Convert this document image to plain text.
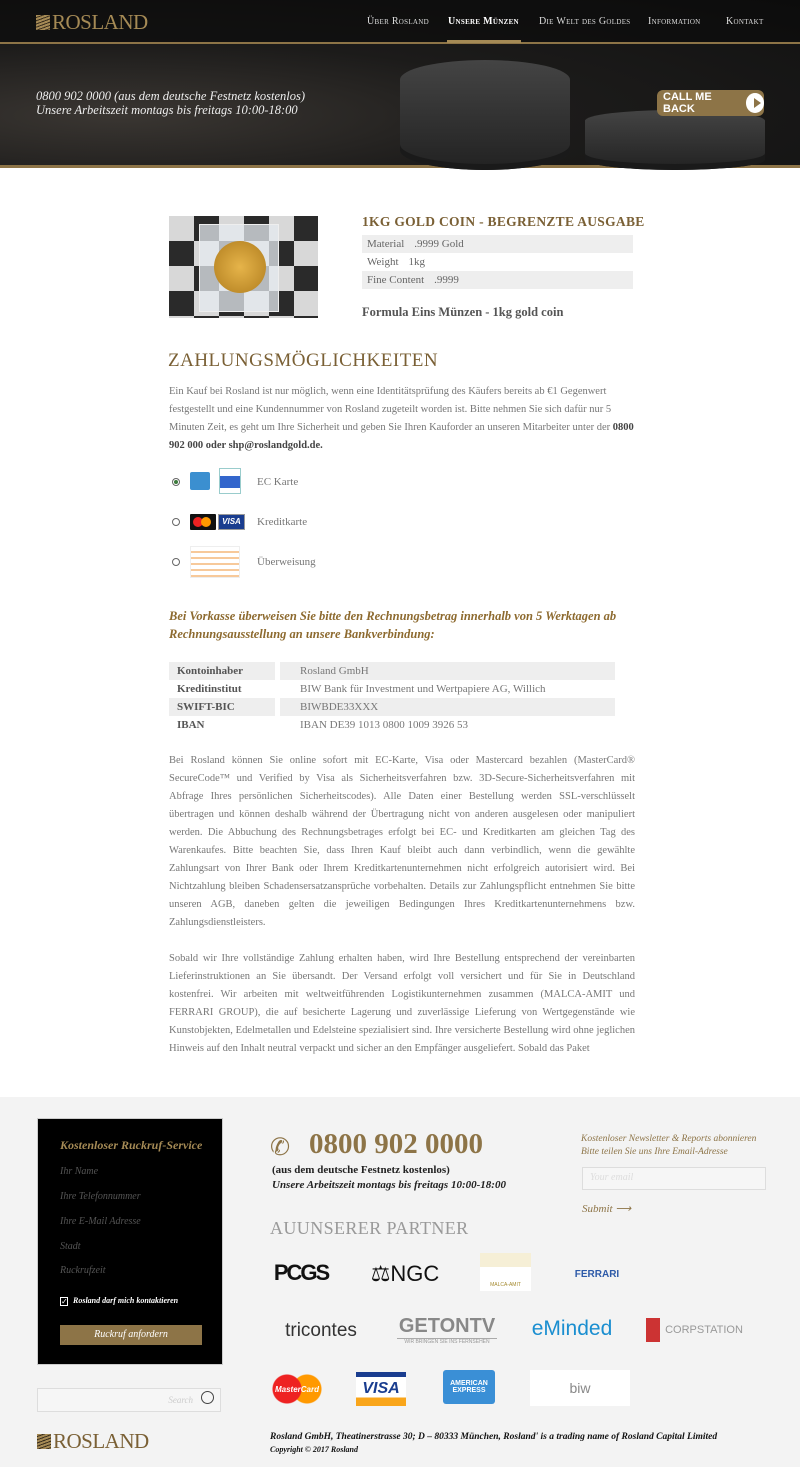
ROSLAND	Über Rosland Unsere Münzen Die Welt des Goldes Information	Kontakt
0800 902 0000 (aus dem deutsche Festnetz kostenlos)
Unsere Arbeitszeit montags bis freitags 10:00-18:00
CALL ME BACK
1KG GOLD COIN - BEGRENZTE AUSGABE
Material .9999 Gold
Weight 1kg
Fine Content .9999
Formula Eins Münzen - 1kg gold coin
ZAHLUNGSMÖGLICHKEITEN

Ein Kauf bei Rosland ist nur möglich, wenn eine Identitätsprüfung des Käufers bereits ab €1 Gegenwert festgestellt und eine Kundennummer von Rosland zugeteilt worden ist. Bitte nehmen Sie sich dafür nur 5 Minuten Zeit, es geht um Ihre Sicherheit und geben Sie Ihren Kauforder an unseren Mitarbeiter unter der 0800 902 000 oder shp@roslandgold.de.

EC Karte
VISA	Kreditkarte
Überweisung
Bei Vorkasse überweisen Sie bitte den Rechnungsbetrag innerhalb von 5 Werktagen ab Rechnungsausstellung an unsere Bankverbindung:
Kontoinhaber	Rosland GmbH
Kreditinstitut	BIW Bank für Investment und Wertpapiere AG, Willich
SWIFT-BIC	BIWBDE33XXX
IBAN	IBAN DE39 1013 0800 1009 3926 53

Bei Rosland können Sie online sofort mit EC-Karte, Visa oder Mastercard bezahlen (MasterCard® SecureCode™ und Verified by Visa als Sicherheitsverfahren bzw. 3D-Secure-Sicherheitsverfahren mit Abfrage Ihres persönlichen Sicherheitscodes). Alle Daten einer Bestellung werden SSL-verschlüsselt übertragen und können deshalb während der Übertragung nicht von anderen ausgelesen oder manipuliert werden. Die Abbuchung des Rechnungsbetrages erfolgt bei EC- und Kreditkarten am gleichen Tag des Warenkaufes. Bitte beachten Sie, dass Ihren Kauf bleibt auch dann verbindlich, wenn die gewählte Zahlungsart von Ihrer Bank oder Ihrem Kreditkartenunternehmen nicht erfolgreich autorisiert wird. Bei Nichtzahlung bleiben Schadensersatzansprüche vorbehalten. Details zur Zahlungspflicht entnehmen Sie bitte unseren AGB, daneben gelten die jeweiligen Bedingungen Ihres Kreditkartenunternehmens bzw. Zahlungsdienstleisters.

Sobald wir Ihre vollständige Zahlung erhalten haben, wird Ihre Bestellung entsprechend der vereinbarten Lieferinstruktionen an Sie übersandt. Der Versand erfolgt voll versichert und für Sie in Deutschland kostenfrei. Wir arbeiten mit weltweitführenden Logistikunternehmen zusammen (MALCA-AMIT und FERRARI GROUP), die auf besicherte Lagerung und zuverlässige Lieferung von Wertgegenstände wie Kunstobjekten, Edelmetallen und Edelsteine spezialisiert sind. Ihre versicherte Bestellung wird ohne jeglichen Hinweis auf den Inhalt neutral verpackt und sicher an den Empfänger ausgeliefert. Sobald das Paket

Kostenloser Ruckruf-Service
Ihr Name
Ihre Telefonnummer
Ihre E-Mail Adresse
Stadt
Ruckrufzeit
✓ Rosland darf mich kontaktieren
Ruckruf anfordern
Search
ROSLAND
✆ 0800 902 0000
(aus dem deutsche Festnetz kostenlos)
Unsere Arbeitszeit montags bis freitags 10:00-18:00
Kostenloser Newsletter & Reports abonnieren
Bitte teilen Sie uns Ihre Email-Adresse
Your email
Submit ⟶
AUUNSERER PARTNER
PCGS ⚖ NGC	MALCA-AMIT
FERRARI
tricontes	GETONTV
WIR BRINGEN SIE INS FERNSEHEN
eMinded	CORPSTATION
MasterCard	VISA	AMERICAN EXPRESS	biw
Rosland GmbH, Theatinerstrasse 30; D – 80333 München, Rosland' is a trading name of Rosland Capital Limited
Copyright © 2017 Rosland
